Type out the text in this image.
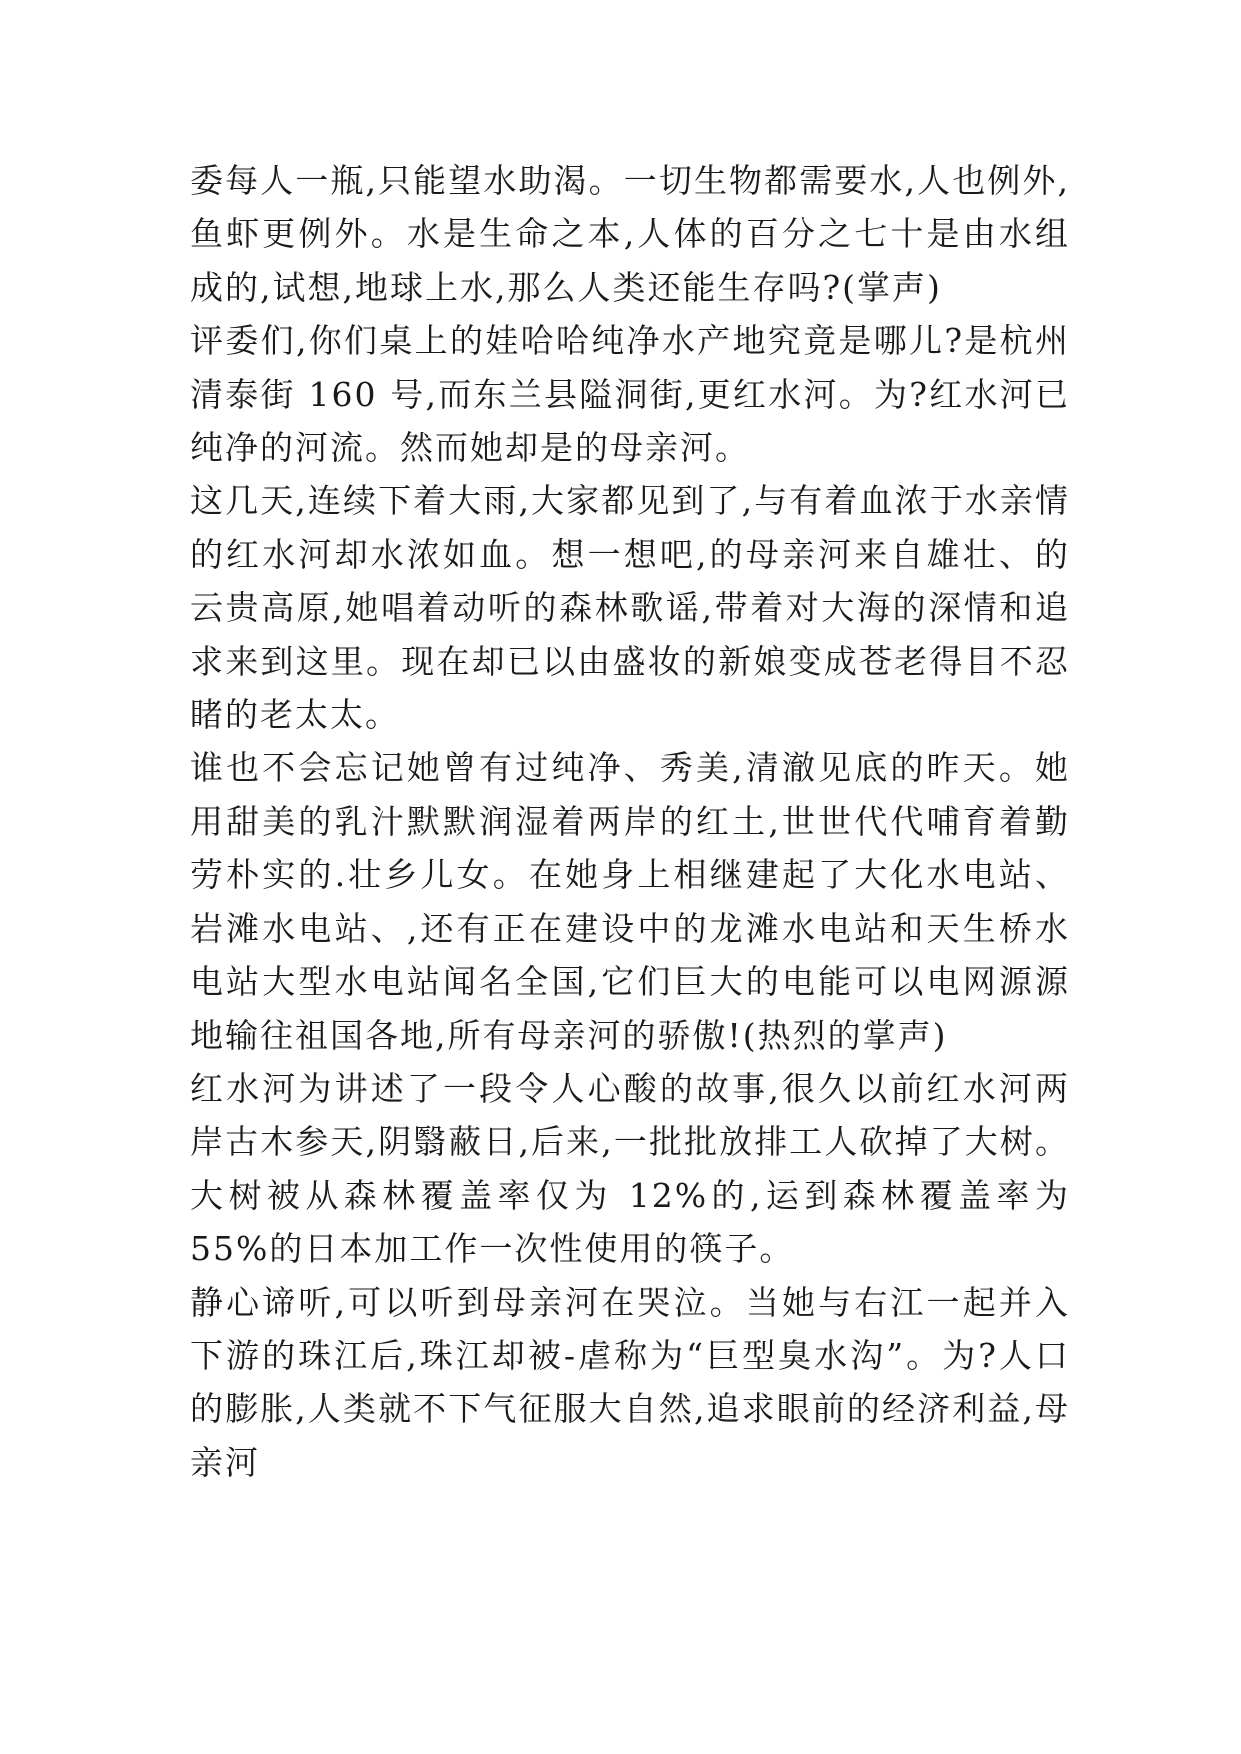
委每人一瓶,只能望水助渴。一切生物都需要水,人也例外,鱼虾更例外。水是生命之本,人体的百分之七十是由水组成的,试想,地球上水,那么人类还能生存吗?(掌声)

评委们,你们桌上的娃哈哈纯净水产地究竟是哪儿?是杭州清泰街 160 号,而东兰县隘洞街,更红水河。为?红水河已纯净的河流。然而她却是的母亲河。

这几天,连续下着大雨,大家都见到了,与有着血浓于水亲情的红水河却水浓如血。想一想吧,的母亲河来自雄壮、的云贵高原,她唱着动听的森林歌谣,带着对大海的深情和追求来到这里。现在却已以由盛妆的新娘变成苍老得目不忍睹的老太太。

谁也不会忘记她曾有过纯净、秀美,清澈见底的昨天。她用甜美的乳汁默默润湿着两岸的红土,世世代代哺育着勤劳朴实的.壮乡儿女。在她身上相继建起了大化水电站、岩滩水电站、,还有正在建设中的龙滩水电站和天生桥水电站大型水电站闻名全国,它们巨大的电能可以电网源源地输往祖国各地,所有母亲河的骄傲!(热烈的掌声)

红水河为讲述了一段令人心酸的故事,很久以前红水河两岸古木参天,阴翳蔽日,后来,一批批放排工人砍掉了大树。大树被从森林覆盖率仅为 12%的,运到森林覆盖率为 55%的日本加工作一次性使用的筷子。

静心谛听,可以听到母亲河在哭泣。当她与右江一起并入下游的珠江后,珠江却被-虐称为“巨型臭水沟”。为?人口的膨胀,人类就不下气征服大自然,追求眼前的经济利益,母亲河
